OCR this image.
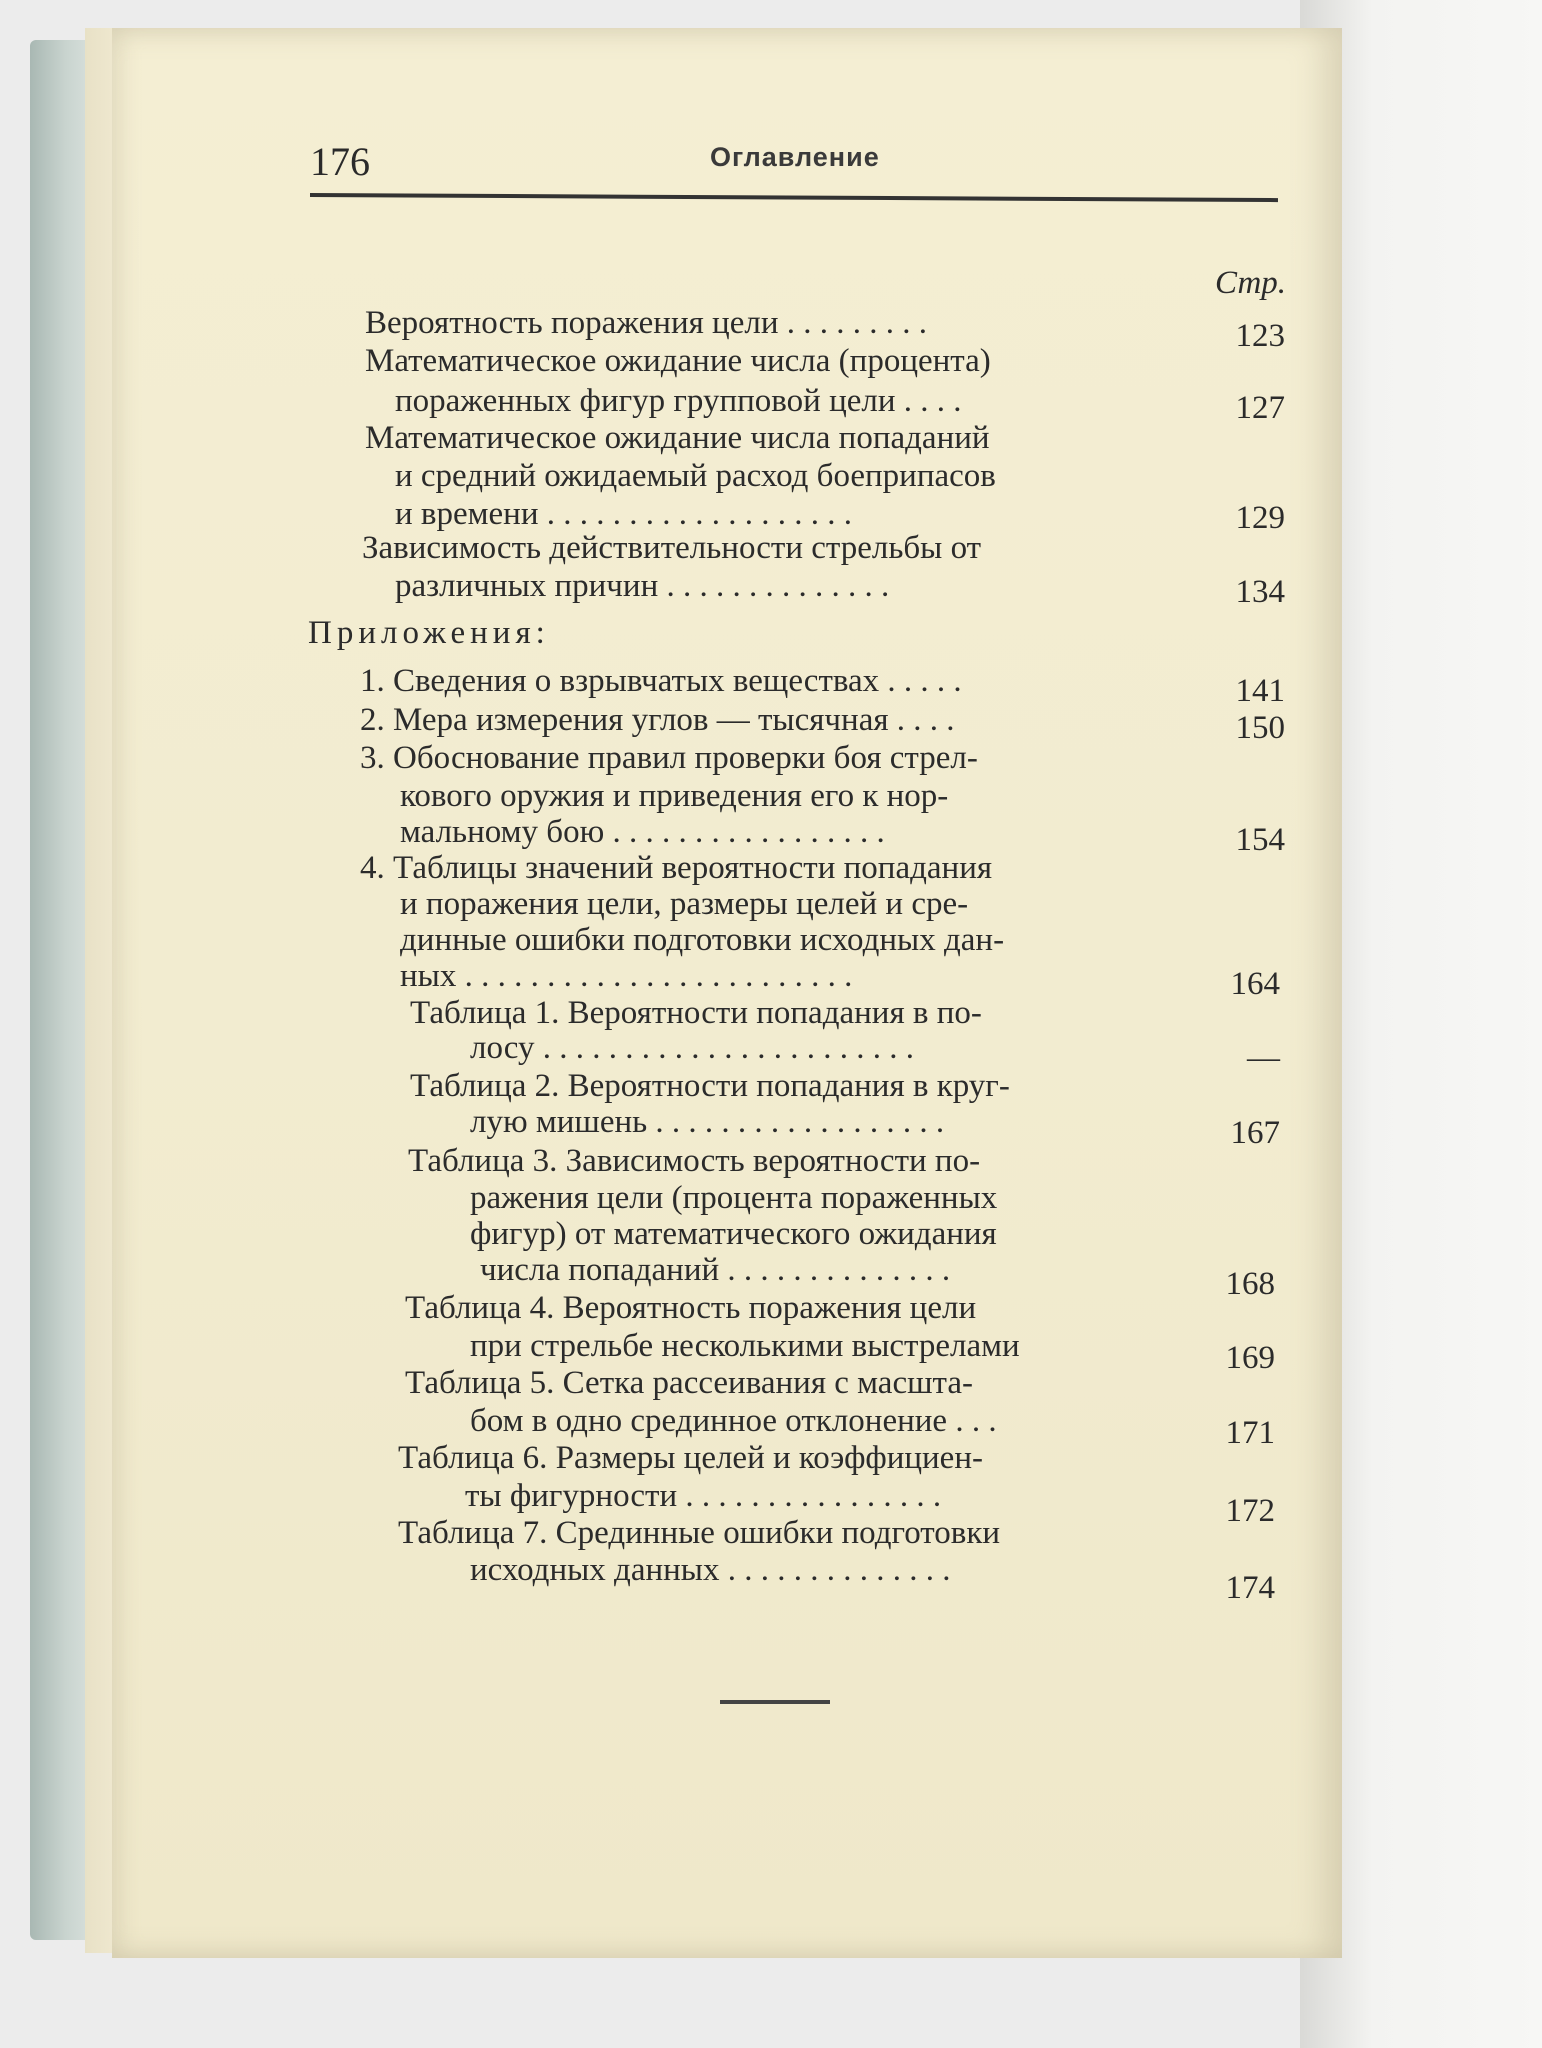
176	Оглавление
Стр.
Вероятность поражения цели . . . . . . . . .	123
Математическое ожидание числа (процента)
пораженных фигур групповой цели . . . .	127
Математическое ожидание числа попаданий
и средний ожидаемый расход боеприпасов
и времени . . . . . . . . . . . . . . . . . . .	129
Зависимость действительности стрельбы от
различных причин . . . . . . . . . . . . . .	134
Приложения:
1. Сведения о взрывчатых веществах . . . . .	141
2. Мера измерения углов — тысячная . . . .	150
3. Обоснование правил проверки боя стрел-
кового оружия и приведения его к нор-
мальному бою . . . . . . . . . . . . . . . . .	154
4. Таблицы значений вероятности попадания
и поражения цели, размеры целей и сре-
динные ошибки подготовки исходных дан-
ных . . . . . . . . . . . . . . . . . . . . . . . .	164
Таблица 1. Вероятности попадания в по-
лосу . . . . . . . . . . . . . . . . . . . . . . .	—
Таблица 2. Вероятности попадания в круг-
лую мишень . . . . . . . . . . . . . . . . . .	167
Таблица 3. Зависимость вероятности по-
ражения цели (процента пораженных
фигур) от математического ожидания
числа попаданий . . . . . . . . . . . . . .	168
Таблица 4. Вероятность поражения цели
при стрельбе несколькими выстрелами	169
Таблица 5. Сетка рассеивания с масшта-
бом в одно срединное отклонение . . .	171
Таблица 6. Размеры целей и коэффициен-
ты фигурности . . . . . . . . . . . . . . . .	172
Таблица 7. Срединные ошибки подготовки
исходных данных . . . . . . . . . . . . . .	174
